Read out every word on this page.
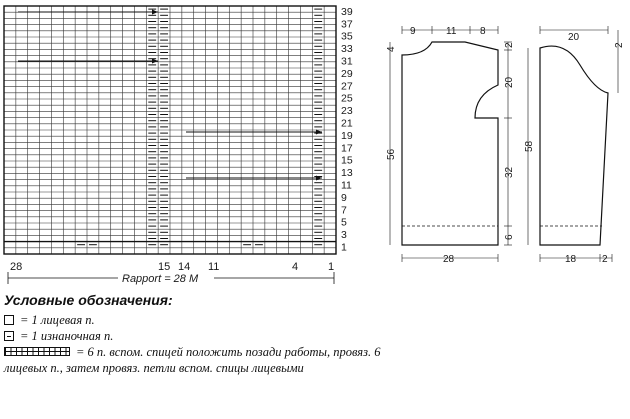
39
37
35
33
31
29
27
25
23
21
19
17
15
13
11
9
7
5
3
1
28	15 14 11	4	1
Rapport = 28 M
9	11 8
4
56
2
20
32
6
28
20
58
2
18	2
Условные обозначения:
= 1 лицевая п.
= 1 изнаночная п.

= 6 п. вспом. спицей положить позади работы, провяз. 6 лицевых п., затем провяз. петли вспом. спицы лицевыми
